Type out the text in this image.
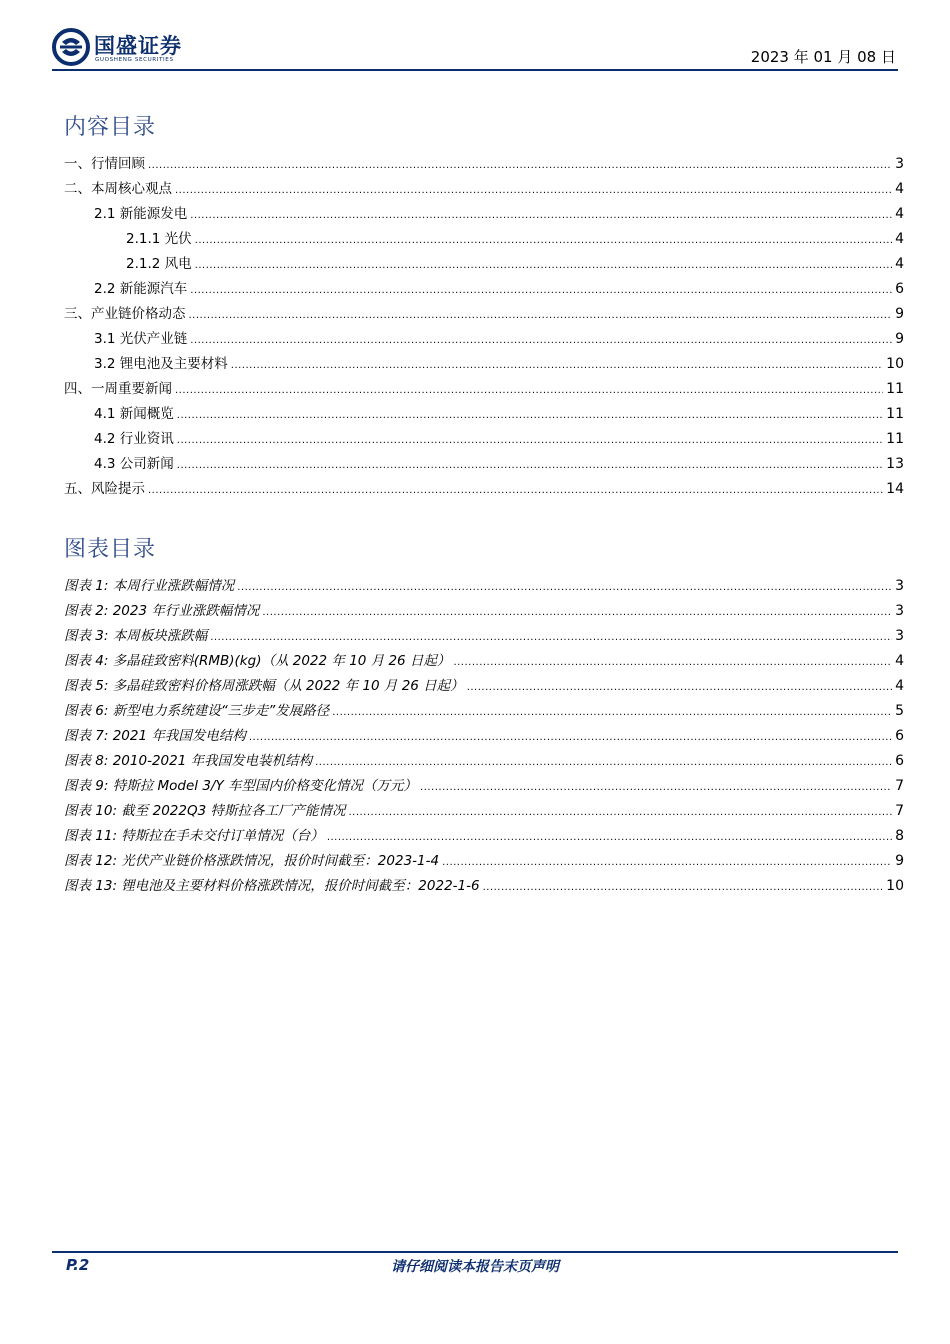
国盛证券
GUOSHENG SECURITIES	2023 年 01 月 08 日
内容目录
一、行情回顾 .....	3
二、本周核心观点 .....	4
2.1 新能源发电 .....	4
2.1.1 光伏 .....	4
2.1.2 风电 .....	4
2.2 新能源汽车 .....	6
三、产业链价格动态 .....	9
3.1 光伏产业链 .....	9
3.2 锂电池及主要材料 .....	10
四、一周重要新闻 .....	11
4.1 新闻概览 .....	11
4.2 行业资讯 .....	11
4.3 公司新闻 .....	13
五、风险提示 .....	14
图表目录
图表 1: 本周行业涨跌幅情况 .....	3
图表 2: 2023 年行业涨跌幅情况 .....	3
图表 3: 本周板块涨跌幅 .....	3
图表 4: 多晶硅致密料(RMB)(kg)（从 2022 年 10 月 26 日起） .....	4
图表 5: 多晶硅致密料价格周涨跌幅（从 2022 年 10 月 26 日起） .....	4
图表 6: 新型电力系统建设“三步走”发展路径 .....	5
图表 7: 2021 年我国发电结构 .....	6
图表 8: 2010-2021 年我国发电装机结构 .....	6
图表 9: 特斯拉 Model 3/Y 车型国内价格变化情况（万元） .....	7
图表 10: 截至 2022Q3 特斯拉各工厂产能情况 .....	7
图表 11: 特斯拉在手未交付订单情况（台） .....	8
图表 12: 光伏产业链价格涨跌情况，报价时间截至：2023-1-4 .....	9
图表 13: 锂电池及主要材料价格涨跌情况，报价时间截至：2022-1-6 .....	10
P.2	请仔细阅读本报告末页声明
